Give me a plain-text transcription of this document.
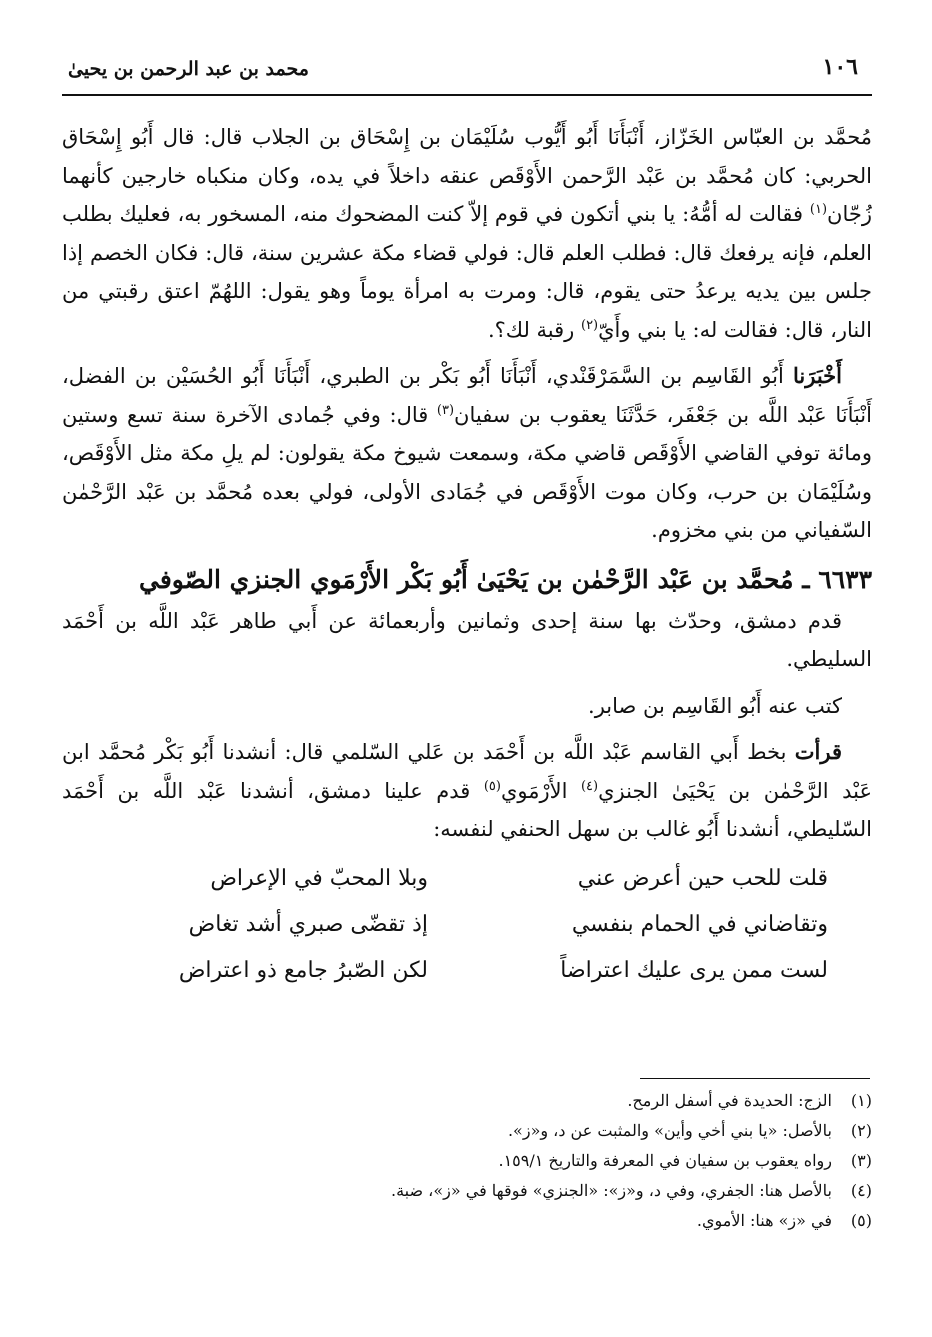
١٠٦
محمد بن عبد الرحمن بن يحيىٰ

مُحمَّد بن العبّاس الخَزّاز، أَنْبَأَنَا أَبُو أَيُّوب سُلَيْمَان بن إِسْحَاق بن الجلاب قال: قال أَبُو إِسْحَاق الحربي: كان مُحمَّد بن عَبْد الرَّحمن الأَوْقَص عنقه داخلاً في يده، وكان منكباه خارجين كأنهما زُجّان$^{(١)}$ فقالت له أمُّهُ: يا بني أتكون في قوم إلاّ كنت المضحوك منه، المسخور به، فعليك بطلب العلم، فإنه يرفعك قال: فطلب العلم قال: فولي قضاء مكة عشرين سنة، قال: فكان الخصم إذا جلس بين يديه يرعدُ حتى يقوم، قال: ومرت به امرأة يوماً وهو يقول: اللهُمّ اعتق رقبتي من النار، قال: فقالت له: يا بني وأَيّ$^{(٢)}$ رقبة لك؟.

أَخْبَرَنا أَبُو القَاسِم بن السَّمَرْقَنْدي، أَنْبَأَنَا أَبُو بَكْر بن الطبري، أَنْبَأَنَا أَبُو الحُسَيْن بن الفضل، أَنْبَأَنَا عَبْد اللَّه بن جَعْفَر، حَدَّثَنَا يعقوب بن سفيان$^{(٣)}$ قال: وفي جُمادى الآخرة سنة تسع وستين ومائة توفي القاضي الأَوْقَص قاضي مكة، وسمعت شيوخ مكة يقولون: لم يلِ مكة مثل الأَوْقَص، وسُلَيْمَان بن حرب، وكان موت الأَوْقَص في جُمَادى الأولى، فولي بعده مُحمَّد بن عَبْد الرَّحْمٰن السّفياني من بني مخزوم.

٦٦٣٣ ـ مُحمَّد بن عَبْد الرَّحْمٰن بن يَحْيَىٰ أَبُو بَكْر الأَرْمَوي الجنزي الصّوفي

قدم دمشق، وحدّث بها سنة إحدى وثمانين وأربعمائة عن أَبي طاهر عَبْد اللَّه بن أَحْمَد السليطي.

كتب عنه أَبُو القَاسِم بن صابر.

قرأت بخط أَبي القاسم عَبْد اللَّه بن أَحْمَد بن عَلي السّلمي قال: أنشدنا أَبُو بَكْر مُحمَّد ابن عَبْد الرَّحْمٰن بن يَحْيَىٰ الجنزي$^{(٤)}$ الأَرْمَوي$^{(٥)}$ قدم علينا دمشق، أنشدنا عَبْد اللَّه بن أَحْمَد السّليطي، أنشدنا أَبُو غالب بن سهل الحنفي لنفسه:

قلت للحب حين أعرض عني
وبلا المحبّ في الإعراض
وتقاضاني في الحمام بنفسي
إذ تقضّى صبري أشد تغاض
لست ممن يرى عليك اعتراضاً
لكن الصّبرُ جامع ذو اعتراض
(١)
الزج: الحديدة في أسفل الرمح.
(٢)
بالأصل: «يا بني أخي وأين» والمثبت عن د، و«ز».
(٣)
رواه يعقوب بن سفيان في المعرفة والتاريخ ١٥٩/١.
(٤)
بالأصل هنا: الجفري، وفي د، و«ز»: «الجنزي» فوقها في «ز»، ضبة.
(٥)
في «ز» هنا: الأموي.
